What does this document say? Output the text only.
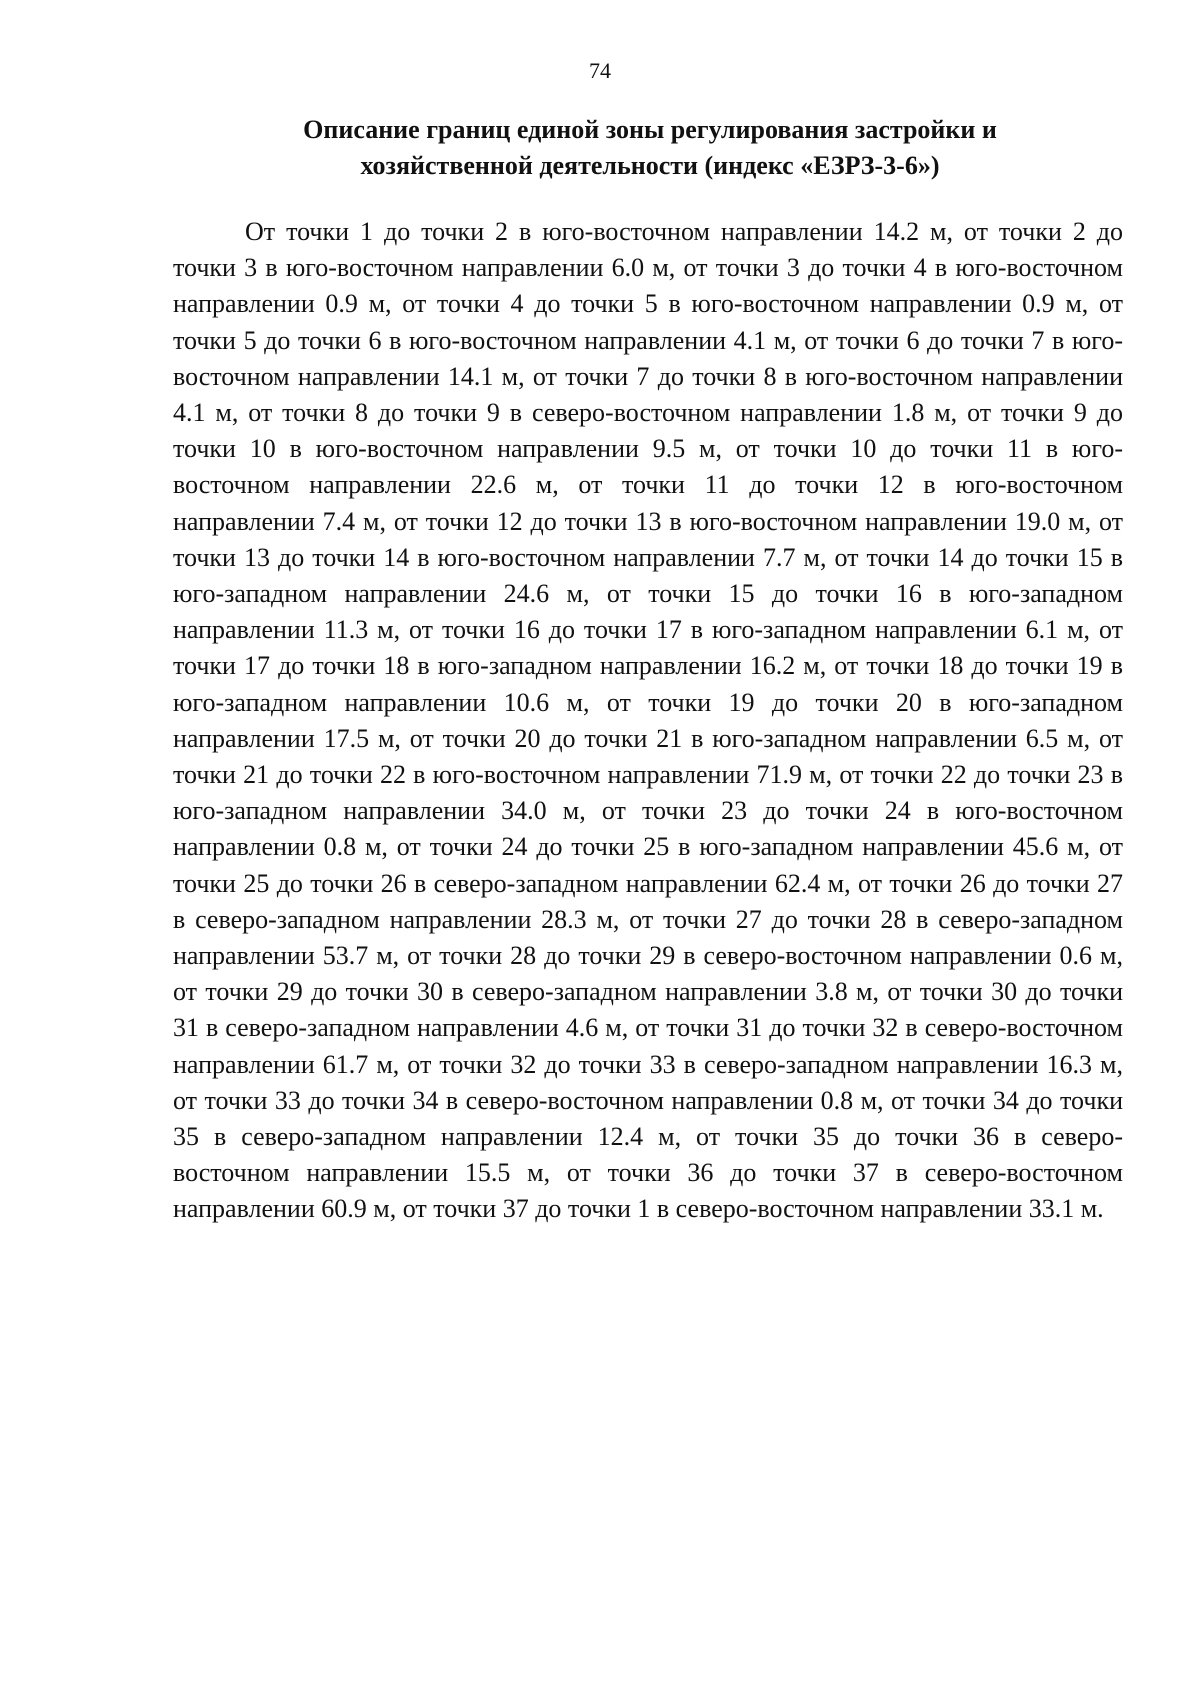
74
Описание границ единой зоны регулирования застройки и
хозяйственной деятельности (индекс «ЕЗРЗ-3-6»)

От точки 1 до точки 2 в юго-восточном направлении 14.2 м, от точки 2 до точки 3 в юго-восточном направлении 6.0 м, от точки 3 до точки 4 в юго-восточном направлении 0.9 м, от точки 4 до точки 5 в юго-восточном направлении 0.9 м, от точки 5 до точки 6 в юго-восточном направлении 4.1 м, от точки 6 до точки 7 в юго-восточном направлении 14.1 м, от точки 7 до точки 8 в юго-восточном направлении 4.1 м, от точки 8 до точки 9 в северо-восточном направлении 1.8 м, от точки 9 до точки 10 в юго-восточном направлении 9.5 м, от точки 10 до точки 11 в юго-восточном направлении 22.6 м, от точки 11 до точки 12 в юго-восточном направлении 7.4 м, от точки 12 до точки 13 в юго-восточном направлении 19.0 м, от точки 13 до точки 14 в юго-восточном направлении 7.7 м, от точки 14 до точки 15 в юго-западном направлении 24.6 м, от точки 15 до точки 16 в юго-западном направлении 11.3 м, от точки 16 до точки 17 в юго-западном направлении 6.1 м, от точки 17 до точки 18 в юго-западном направлении 16.2 м, от точки 18 до точки 19 в юго-западном направлении 10.6 м, от точки 19 до точки 20 в юго-западном направлении 17.5 м, от точки 20 до точки 21 в юго-западном направлении 6.5 м, от точки 21 до точки 22 в юго-восточном направлении 71.9 м, от точки 22 до точки 23 в юго-западном направлении 34.0 м, от точки 23 до точки 24 в юго-восточном направлении 0.8 м, от точки 24 до точки 25 в юго-западном направлении 45.6 м, от точки 25 до точки 26 в северо-западном направлении 62.4 м, от точки 26 до точки 27 в северо-западном направлении 28.3 м, от точки 27 до точки 28 в северо-западном направлении 53.7 м, от точки 28 до точки 29 в северо-восточном направлении 0.6 м, от точки 29 до точки 30 в северо-западном направлении 3.8 м, от точки 30 до точки 31 в северо-западном направлении 4.6 м, от точки 31 до точки 32 в северо-восточном направлении 61.7 м, от точки 32 до точки 33 в северо-западном направлении 16.3 м, от точки 33 до точки 34 в северо-восточном направлении 0.8 м, от точки 34 до точки 35 в северо-западном направлении 12.4 м, от точки 35 до точки 36 в северо-восточном направлении 15.5 м, от точки 36 до точки 37 в северо-восточном направлении 60.9 м, от точки 37 до точки 1 в северо-восточном направлении 33.1 м.
